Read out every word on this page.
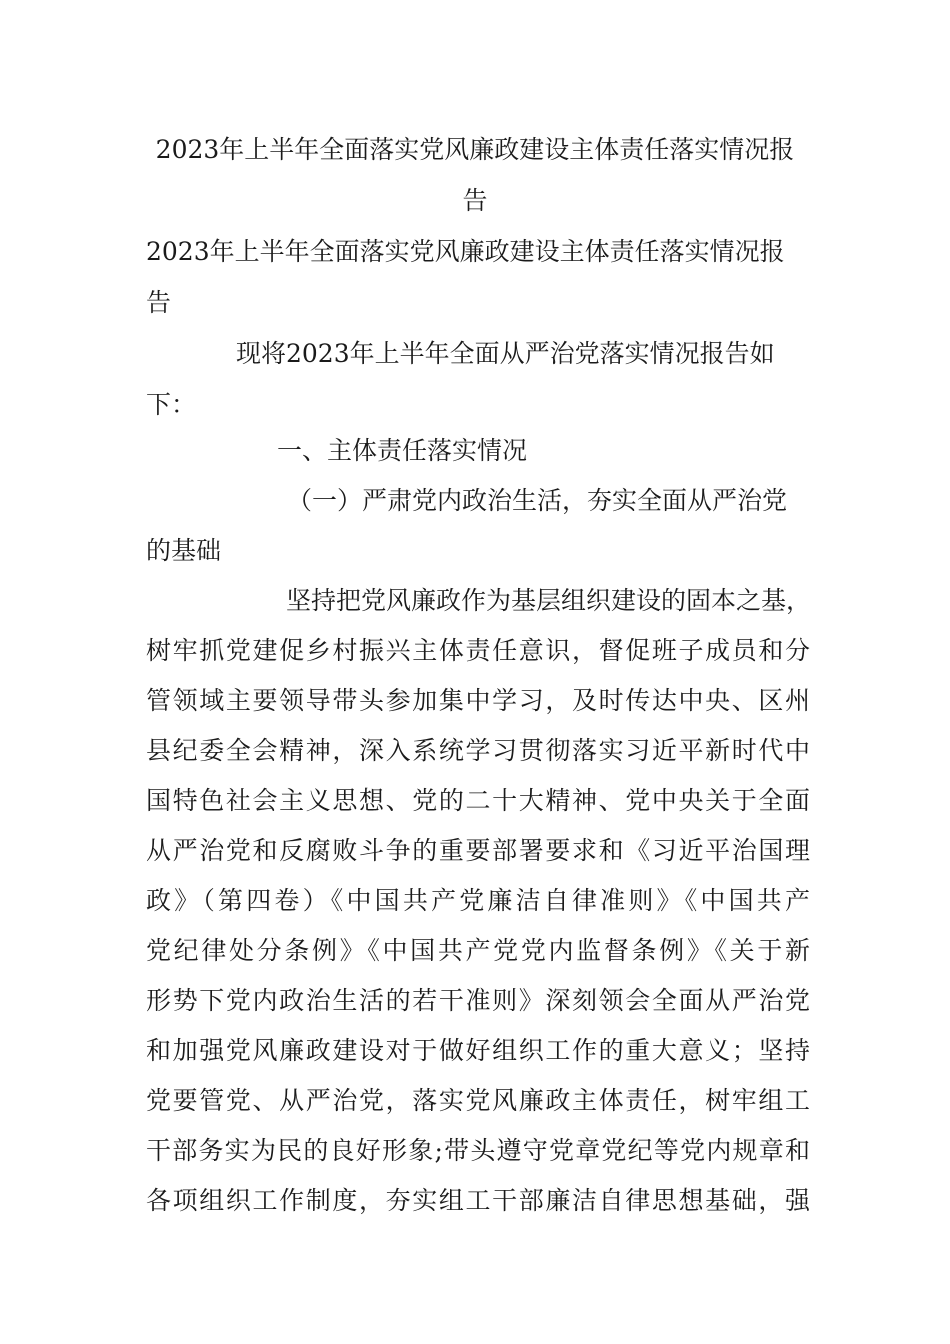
2023年上半年全面落实党风廉政建设主体责任落实情况报
告
2023年上半年全面落实党风廉政建设主体责任落实情况报
告
现将2023年上半年全面从严治党落实情况报告如
下：
一、主体责任落实情况
（一）严肃党内政治生活，夯实全面从严治党
的基础
坚持把党风廉政作为基层组织建设的固本之基，
树牢抓党建促乡村振兴主体责任意识，督促班子成员和分
管领域主要领导带头参加集中学习，及时传达中央、区州
县纪委全会精神，深入系统学习贯彻落实习近平新时代中
国特色社会主义思想、党的二十大精神、党中央关于全面
从严治党和反腐败斗争的重要部署要求和《习近平治国理
政》（第四卷）《中国共产党廉洁自律准则》《中国共产
党纪律处分条例》《中国共产党党内监督条例》《关于新
形势下党内政治生活的若干准则》深刻领会全面从严治党
和加强党风廉政建设对于做好组织工作的重大意义；坚持
党要管党、从严治党，落实党风廉政主体责任，树牢组工
干部务实为民的良好形象;带头遵守党章党纪等党内规章和
各项组织工作制度，夯实组工干部廉洁自律思想基础，强
